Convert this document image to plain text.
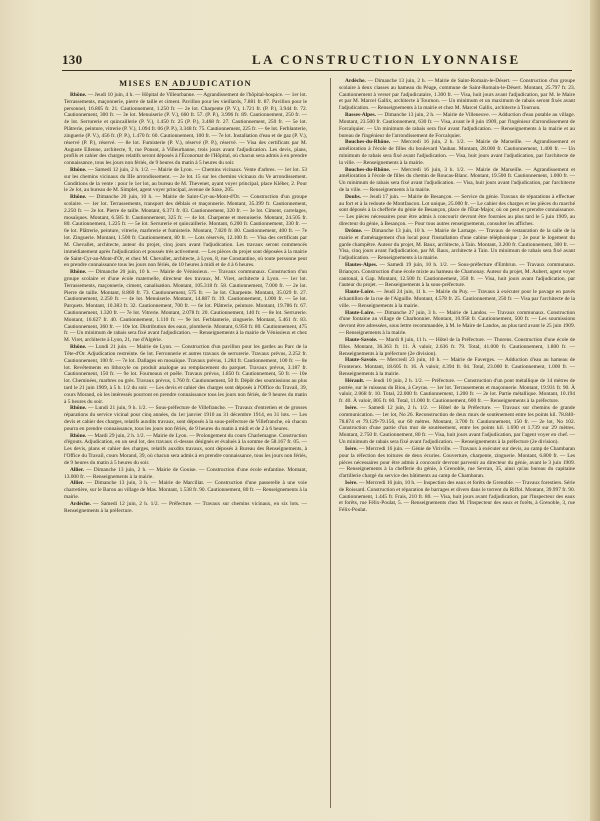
130	LA CONSTRUCTION LYONNAISE
MISES EN ADJUDICATION

Rhône. — Jeudi 10 juin, 4 h. — Hôpital de Villeurbanne. — Agrandissement de l'hôpital-hospice. — 1er lot. Terrassements, maçonnerie, pierre de taille et ciment. Pavillon pour les vieillards, 7.881 fr. 87. Pavillon pour le personnel, 16.805 fr. 21. Cautionnement, 1.250 fr. — 2e lot. Charpente (P. V.), 1.721 fr. (P. P.), 3.944 fr. 72. Cautionnement, 300 fr. — 3e lot. Menuiserie (P. V.), 660 fr. 57. (P. P.), 3.996 fr. 89. Cautionnement, 250 fr. — 4e lot. Serrurerie et quincaillerie (P. V.), 1.450 fr. 25 (P. P.), 3.468 fr. 27. Cautionnement, 250 fr. — 5e lot. Plâtrerie, peinture, vitrerie (P. V.), 1.094 fr. 06 (P. P.), 3.348 fr. 75. Cautionnement, 225 fr. — 6e lot. Ferblanterie, zinguerie (P. V.), 456 fr. (P. P.), 1.470 fr. 60. Cautionnement, 100 fr. — 7e lot. Installation d'eau et de gaz (P. V.), réservé (P. P.), réservé. — 8e lot. Fumisterie (P. V.), réservé (P. P.), réservé. — Visa des certificats par M. Auguste Ellenne, architecte, 9, rue Ponsot, à Villeurbanne, trois jours avant l'adjudication. Les devis, plans, profils et cahier des charges relatifs seront déposés à l'Économat de l'Hôpital, où chacun sera admis à en prendre connaissance, tous les jours non fériés, de 9 heures du matin à 5 heures du soir.

Rhône. — Samedi 12 juin, 2 h. 1/2. — Mairie de Lyon. — Chemins vicinaux. Vente d'arbres. — 1er lot. 53 sur les chemins vicinaux du IIIe arrondissement. — 2e lot. 15 sur les chemins vicinaux du Ve arrondissement. Conditions de la vente : pour le 1er lot, au bureau de M. Thevenet, ayant voyer principal, place Kléber, 2. Pour le 2e lot, au bureau de M. Simplet, agent voyer principal, avenue de Saxe, 205.

Rhône. — Dimanche 20 juin, 10 h. — Mairie de Saint-Cyr-au-Mont-d'Or. — Construction d'un groupe scolaire. — 1er lot. Terrassements, transport des déblais et maçonnerie. Montant, 35.399 fr. Cautionnement, 2.250 fr. — 2e lot. Pierre de taille. Montant, 6.371 fr. 03. Cautionnement, 320 fr. — 3e lot. Ciment, carrelages, mosaïques. Montant, 6.585 fr. Cautionnement, 325 fr. — 4e lot. Charpente et menuiserie. Montant, 24.505 fr. 80. Cautionnement, 1.225 fr. — 5e lot. Serrurerie et quincaillerie. Montant, 6.200 fr. Cautionnement, 330 fr. — 6e lot. Plâtrerie, peinture, vitrerie, marbrerie et fumisterie. Montant, 7.820 fr. 80. Cautionnement, 400 fr. — 7e lot. Zinguerie. Montant, 1.500 fr. Cautionnement, 80 fr. — Lots réservés, 12.100 fr. — Visa des certificats par M. Chevallet, architecte, auteur du projet, cinq jours avant l'adjudication. Les travaux seront commencés immédiatement après l'adjudication et poussés très activement. — Les pièces du projet sont déposées à la mairie de Saint-Cyr-au-Mont-d'Or, et chez M. Chevallet, architecte, à Lyon, 8, rue Constantine, où toute personne peut en prendre connaissance tous les jours non fériés, de 10 heures à midi et de 4 à 6 heures.

Rhône. — Dimanche 20 juin, 10 h. — Mairie de Vénissieux. — Travaux communaux. Construction d'un groupe scolaire et d'une école maternelle, directeur des travaux, M. Viret, architecte à Lyon. — 1er lot. Terrassements, maçonnerie, ciment, canalisation. Montant, 105.318 fr. 58. Cautionnement, 7.000 fr. — 2e lot. Pierre de taille. Montant, 8.860 fr. 73. Cautionnement, 575 fr. — 3e lot. Charpente. Montant, 35.029 fr. 27. Cautionnement, 2.250 fr. — 4e lot. Menuiserie. Montant, 14.887 fr. 19. Cautionnement, 1.000 fr. — 5e lot. Parquets. Montant, 10.383 fr. 32. Cautionnement, 700 fr. — 6e lot. Plâtrerie, peinture. Montant, 19.786 fr. 67. Cautionnement, 1.320 fr. — 7e lot. Vitrerie. Montant, 2.078 fr. 20. Cautionnement, 140 fr. — 8e lot. Serrurerie. Montant, 16.627 fr. 40. Cautionnement, 1.110 fr. — 9e lot. Ferblanterie, zinguerie. Montant, 5.461 fr. 83. Cautionnement, 360 fr. — 10e lot. Distribution des eaux, plomberie. Montant, 6.950 fr. 80. Cautionnement, 475 fr. — Un minimum de rabais sera fixé avant l'adjudication. — Renseignements à la mairie de Vénissieux et chez M. Viret, architecte à Lyon, 21, rue d'Algérie.

Rhône. — Lundi 21 juin. — Mairie de Lyon. — Construction d'un pavillon pour les gardes au Parc de la Tête-d'Or. Adjudication restreinte. 6e lot. Ferronnerie et autres travaux de serrurerie. Travaux prévus, 2.252 fr. Cautionnement, 100 fr. — 7e lot. Dallages en mosaïque. Travaux prévus, 1.284 fr. Cautionnement, 100 fr. — 8e lot. Revêtements en lithoxyle ou produit analogue au remplacement du parquet. Travaux prévus, 3.187 fr. Cautionnement, 150 fr. — 9e lot. Fourneaux et poêle. Travaux prévus, 1.850 fr. Cautionnement, 50 fr. — 10e lot. Cheminées, marbres ou grès. Travaux prévus, 1.760 fr. Cautionnement, 50 fr. Dépôt des soumissions au plus tard le 21 juin 1909, à 5 h. 1/2 du soir. — Les devis et cahier des charges sont déposés à l'Office du Travail, 39, cours Morand, où les intéressés pourront en prendre connaissance tous les jours non fériés, de 9 heures du matin à 5 heures du soir.

Rhône. — Lundi 21 juin, 9 h. 1/2. — Sous-préfecture de Villefranche. — Travaux d'entretien et de grosses réparations du service vicinal pour cinq années, du 1er janvier 1910 au 31 décembre 1914, en 31 lots. — Les devis et cahier des charges, relatifs auxdits travaux, sont déposés à la sous-préfecture de Villefranche, où chacun pourra en prendre connaissance, tous les jours non fériés, de 9 heures du matin à midi et de 2 à 6 heures.

Rhône. — Mardi 29 juin, 2 h. 1/2. — Mairie de Lyon. — Prolongement du cours Charlemagne. Construction d'égouts. Adjudication, en un seul lot, des travaux ci-dessus désignés et évalués à la somme de 58.167 fr. 05. — Les devis, plans et cahier des charges, relatifs auxdits travaux, sont déposés à Bureau des Renseignements, à l'Office du Travail, cours Morand, 39, où chacun sera admis à en prendre connaissance, tous les jours non fériés, de 9 heures du matin à 5 heures du soir.

Allier. — Dimanche 13 juin, 2 h. — Mairie de Gouise. — Construction d'une école enfantine. Montant, 13.000 fr. — Renseignements à la mairie.

Allier. — Dimanche 13 juin, 3 h. — Mairie de Marcillat. — Construction d'une passerelle à une voie charretière, sur le Baron au village de Mas. Montant, 1.538 fr. 90. Cautionnement, 80 fr. — Renseignements à la mairie.

Ardèche. — Samedi 12 juin, 2 h. 1/2. — Préfecture. — Travaux sur chemins vicinaux, en six lots. — Renseignements à la préfecture.

Ardèche. — Dimanche 13 juin, 2 h. — Mairie de Saint-Romain-le-Désert. — Construction d'un groupe scolaire à deux classes au hameau du Péage, commune de Saint-Romain-le-Désert. Montant, 25.797 fr. 23. Cautionnement à verser par l'adjudicataire, 1.300 fr. — Visa, huit jours avant l'adjudication, par M. le Maire et par M. Marcel Gallix, architecte à Tournon. — Un minimum et un maximum de rabais seront fixés avant l'adjudication. — Renseignements à la mairie et chez M. Marcel Gallix, architecte à Tournon.

Basses-Alpes. — Dimanche 13 juin, 2 h. — Mairie de Villeneuve. — Adduction d'eau potable au village. Montant, 23.500 fr. Cautionnement, 630 fr. — Visa, avant le 8 juin 1909, par l'ingénieur d'arrondissement de Forcalquier. — Un minimum de rabais sera fixé avant l'adjudication. — Renseignements à la mairie et au bureau de l'ingénieur de l'arrondissement de Forcalquier.

Bouches-du-Rhône. — Mercredi 16 juin, 2 h. 1/2. — Mairie de Marseille. — Agrandissement et amélioration à l'école de filles du boulevard Vauban. Montant, 28.000 fr. Cautionnement, 1.400 fr. — Un minimum de rabais sera fixé avant l'adjudication. — Visa, huit jours avant l'adjudication, par l'architecte de la ville. — Renseignements à la mairie.

Bouches-du-Rhône. — Mercredi 16 juin, 3 h. 1/2. — Mairie de Marseille. — Agrandissement et amélioration à l'école de filles du chemin de Roucas-Blanc. Montant, 19.500 fr. Cautionnement, 1.000 fr. — Un minimum de rabais sera fixé avant l'adjudication. — Visa, huit jours avant l'adjudication, par l'architecte de la ville. — Renseignements à la mairie.

Doubs. — Jeudi 17 juin. — Mairie de Besançon. — Service du génie. Travaux de réparations à effectuer au fort et à la redoute de Montfaucon. Lot unique, 25.000 fr. — Le cahier des charges et les pièces du marché sont déposés à la chefferie du génie de Besançon, place de l'État-Major, où on peut en prendre connaissance. — Les pièces nécessaires pour être admis à concourir devront être fournies au plus tard le 5 juin 1909, au directeur du génie, à Besançon. — Pour tous autres renseignements, consulter les affiches.

Drôme. — Dimanche 13 juin, 10 h. — Mairie de Larnage. — Travaux de restauration de la salle de la mairie et d'aménagement d'un local pour l'installation d'une cabine téléphonique ; 2e pour le logement du garde champêtre. Auteur du projet, M. Baux, architecte, à Tain. Montant, 3.200 fr. Cautionnement, 300 fr. — Visa, cinq jours avant l'adjudication, par M. Baux, architecte à Tain. Un minimum de rabais sera fixé avant l'adjudication. — Renseignements à la mairie.

Hautes-Alpes. — Samedi 19 juin, 10 h. 1/2. — Sous-préfecture d'Embrun. — Travaux communaux. Briançon. Construction d'une école mixte au hameau de Chamonay. Auteur du projet, M. Aubert, agent voyer cantonal, à Gap. Montant, 12.500 fr. Cautionnement, 350 fr. — Visa, huit jours avant l'adjudication, par l'auteur du projet. — Renseignements à la sous-préfecture.

Haute-Loire. — Jeudi 24 juin, 11 h. — Mairie du Puy. — Travaux à exécuter pour le pavage en pavés échantillon de la rue de l'Aiguille. Montant, 4.578 fr. 25. Cautionnement, 250 fr. — Visa par l'architecte de la ville. — Renseignements à la mairie.

Haute-Loire. — Dimanche 27 juin, 3 h. — Mairie de Landos. — Travaux communaux. Construction d'une fontaine au village de Charbonnier. Montant, 10.958 fr. Cautionnement, 500 fr. — Les soumissions devront être adressées, sous lettre recommandée, à M. le Maire de Landos, au plus tard avant le 25 juin 1909. — Renseignements à la mairie.

Haute-Savoie. — Mardi 8 juin, 11 h. — Hôtel de la Préfecture. — Thorens. Construction d'une école de filles. Montant, 36.363 fr. 11. À valoir, 2.636 fr. 79. Total, 41.000 fr. Cautionnement, 1.800 fr. — Renseignements à la préfecture (2e division).

Haute-Savoie. — Mercredi 23 juin, 10 h. — Mairie de Faverges. — Adduction d'eau au hameau de Frontenex. Montant, 18.605 fr. 16. À valoir, 4.394 fr. 04. Total, 23.000 fr. Cautionnement, 1.000 fr. — Renseignements à la mairie.

Hérault. — Jeudi 10 juin, 2 h. 1/2. — Préfecture. — Construction d'un pont métallique de 14 mètres de portée, sur le ruisseau du Biou, à Ceyras. — 1er lot. Terrassements et maçonnerie. Montant, 19.931 fr. 90. À valoir, 2.068 fr. 10. Total, 22.000 fr. Cautionnement, 1.200 fr. — 2e lot. Partie métallique. Montant, 10.194 fr. 40. À valoir, 805 fr. 60. Total, 11.000 fr. Cautionnement, 600 fr. — Renseignements à la préfecture.

Isère. — Samedi 12 juin, 2 h. 1/2. — Hôtel de la Préfecture. — Travaux sur chemins de grande communication. — 1er lot, No 26. Reconstruction de deux murs de soutènement entre les points kil. 78.840-78.874 et 79.129-79.156, sur 60 mètres. Montant, 3.700 fr. Cautionnement, 150 fr. — 2e lot, No 102. Construction d'une partie d'un mur de soutènement, entre les points kil. 1.690 et 1.739 sur 29 mètres. Montant, 2.750 fr. Cautionnement, 80 fr. — Visa, huit jours avant l'adjudication, par l'agent voyer en chef. — Un minimum de rabais sera fixé avant l'adjudication. — Renseignements à la préfecture (2e division).

Isère. — Mercredi 16 juin. — Génie de Viriville. — Travaux à exécuter sur devis, au camp de Chambaran pour la réfection des toitures de deux écuries. Couverture, charpente, zinguerie. Montant, 6.800 fr. — Les pièces nécessaires pour être admis à concourir devront parvenir au directeur du génie, avant le 3 juin 1909. — Renseignements à la chefferie du génie, à Grenoble, rue Sevran, 35, ainsi qu'au bureau du capitaine d'artillerie chargé du service des bâtiments au camp de Chambaran.

Isère. — Mercredi 16 juin, 10 h. — Inspection des eaux et forêts de Grenoble. — Travaux forestiers. Série de Roissard. Construction et réparation de barrages et divers dans le torrent du Riffol. Montant, 39.997 fr. 90. Cautionnement, 1.445 fr. Frais, 210 fr. 80. — Visa, huit jours avant l'adjudication, par l'Inspecteur des eaux et forêts, rue Félix-Poulat, 5. — Renseignements chez M. l'Inspecteur des eaux et forêts, à Grenoble, 3, rue Félix-Poulat.
